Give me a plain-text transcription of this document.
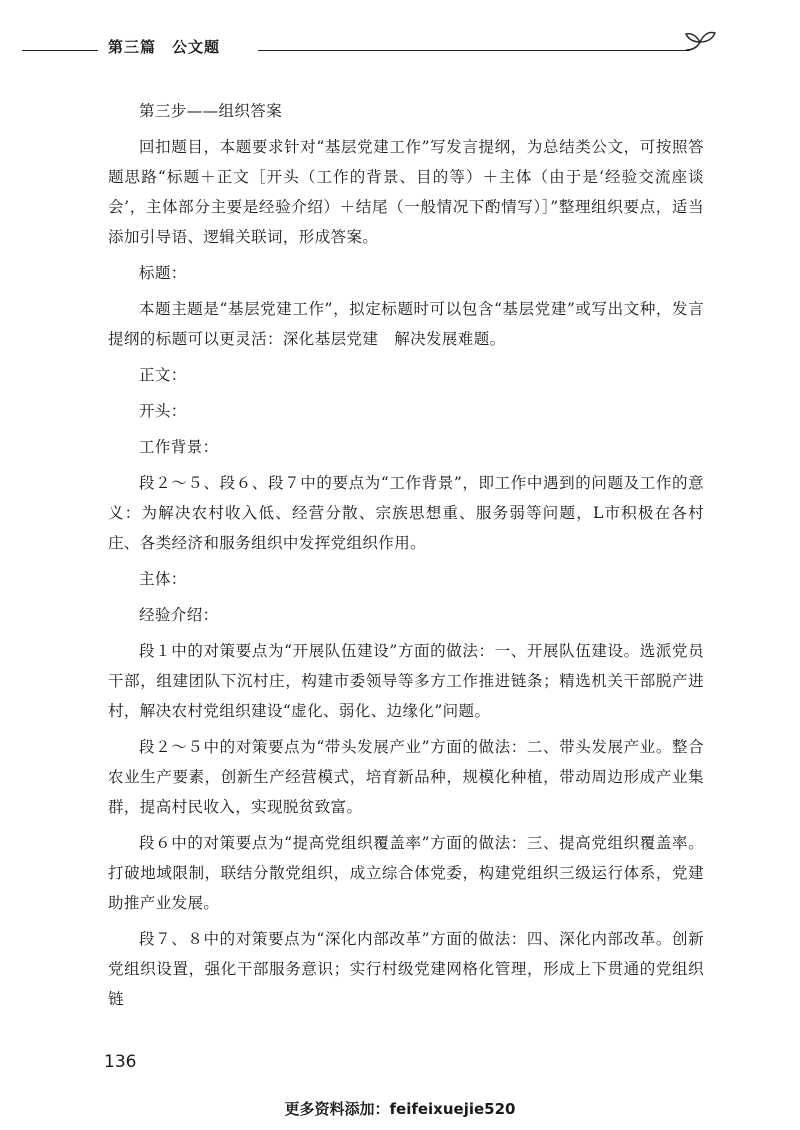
第三篇 公文题

第三步——组织答案

回扣题目，本题要求针对“基层党建工作”写发言提纲，为总结类公文，可按照答题思路“标题＋正文［开头（工作的背景、目的等）＋主体（由于是‘经验交流座谈会’，主体部分主要是经验介绍）＋结尾（一般情况下酌情写）］”整理组织要点，适当添加引导语、逻辑关联词，形成答案。

标题：

本题主题是“基层党建工作”，拟定标题时可以包含“基层党建”或写出文种，发言提纲的标题可以更灵活：深化基层党建　解决发展难题。

正文：

开头：

工作背景：

段２～５、段６、段７中的要点为“工作背景”，即工作中遇到的问题及工作的意义：为解决农村收入低、经营分散、宗族思想重、服务弱等问题，L市积极在各村庄、各类经济和服务组织中发挥党组织作用。

主体：

经验介绍：

段１中的对策要点为“开展队伍建设”方面的做法：一、开展队伍建设。选派党员干部，组建团队下沉村庄，构建市委领导等多方工作推进链条；精选机关干部脱产进村，解决农村党组织建设“虚化、弱化、边缘化”问题。

段２～５中的对策要点为“带头发展产业”方面的做法：二、带头发展产业。整合农业生产要素，创新生产经营模式，培育新品种，规模化种植，带动周边形成产业集群，提高村民收入，实现脱贫致富。

段６中的对策要点为“提高党组织覆盖率”方面的做法：三、提高党组织覆盖率。打破地域限制，联结分散党组织，成立综合体党委，构建党组织三级运行体系，党建助推产业发展。

段７、８中的对策要点为“深化内部改革”方面的做法：四、深化内部改革。创新党组织设置，强化干部服务意识；实行村级党建网格化管理，形成上下贯通的党组织链

136
更多资料添加：feifeixuejie520
